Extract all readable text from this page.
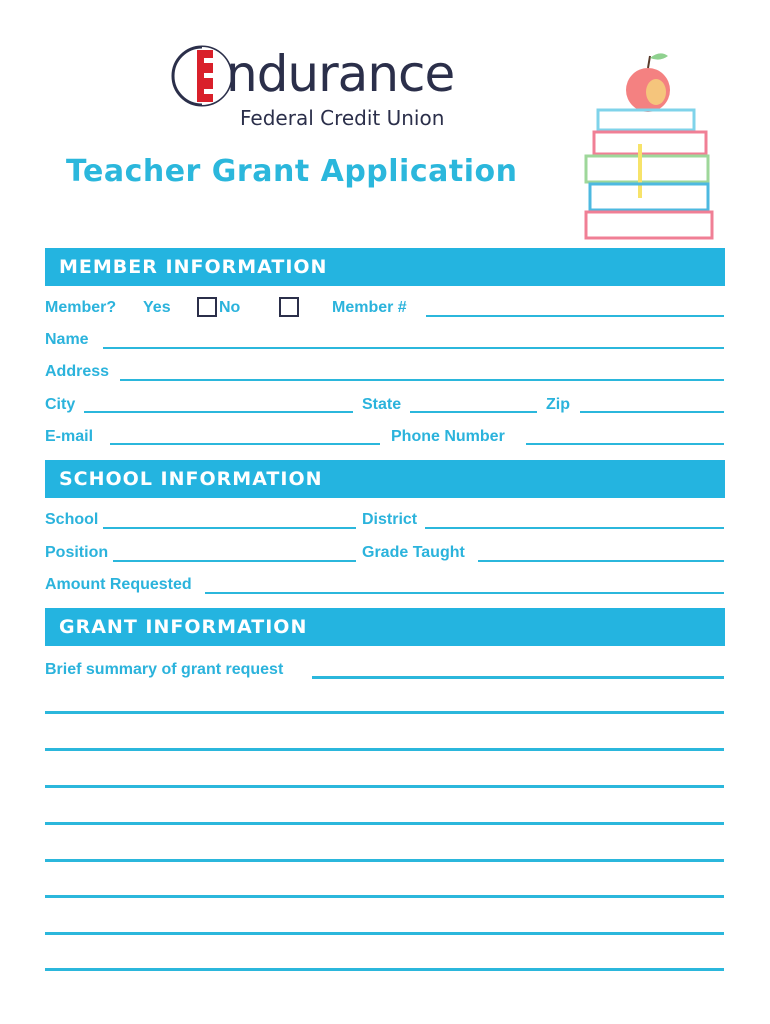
ndurance
Federal Credit Union
Teacher Grant Application
MEMBER INFORMATION
Member? Yes	No	Member #
Name
Address
City	State	Zip
E-mail	Phone Number
SCHOOL INFORMATION
School	District
Position	Grade Taught
Amount Requested
GRANT INFORMATION
Brief summary of grant request
